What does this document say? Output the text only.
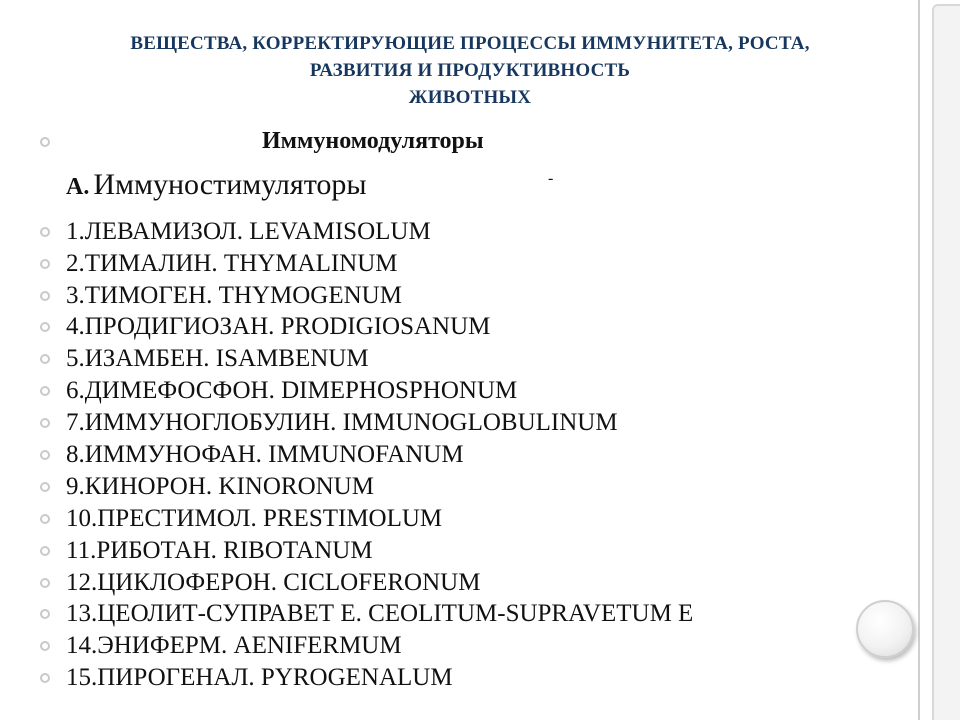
ВЕЩЕСТВА, КОРРЕКТИРУЮЩИЕ ПРОЦЕССЫ ИММУНИТЕТА, РОСТА,
РАЗВИТИЯ И ПРОДУКТИВНОСТЬ
ЖИВОТНЫХ
Иммуномодуляторы
А. Иммуностимуляторы	-
1.ЛЕВАМИЗОЛ. LEVAMISOLUM
2.ТИМАЛИН. THYMALINUM
3.ТИМОГЕН. THYMOGENUM
4.ПРОДИГИОЗАН. PRODIGIOSANUM
5.ИЗАМБЕН. ISAMBENUM
6.ДИМЕФОСФОН. DIMEPHOSPHONUM
7.ИММУНОГЛОБУЛИН. IMMUNOGLOBULINUM
8.ИММУНОФАН. IMMUNOFANUM
9.КИНОРОН. KINORONUM
10.ПРЕСТИМОЛ. PRESTIMOLUM
11.РИБОТАН. RIBOTANUM
12.ЦИКЛОФЕРОН. CICLOFERONUM
13.ЦЕОЛИТ-СУПРАВЕТ Е. CEOLITUM-SUPRAVETUM E
14.ЭНИФЕРМ. AENIFERMUM
15.ПИРОГЕНАЛ. PYROGENALUM
